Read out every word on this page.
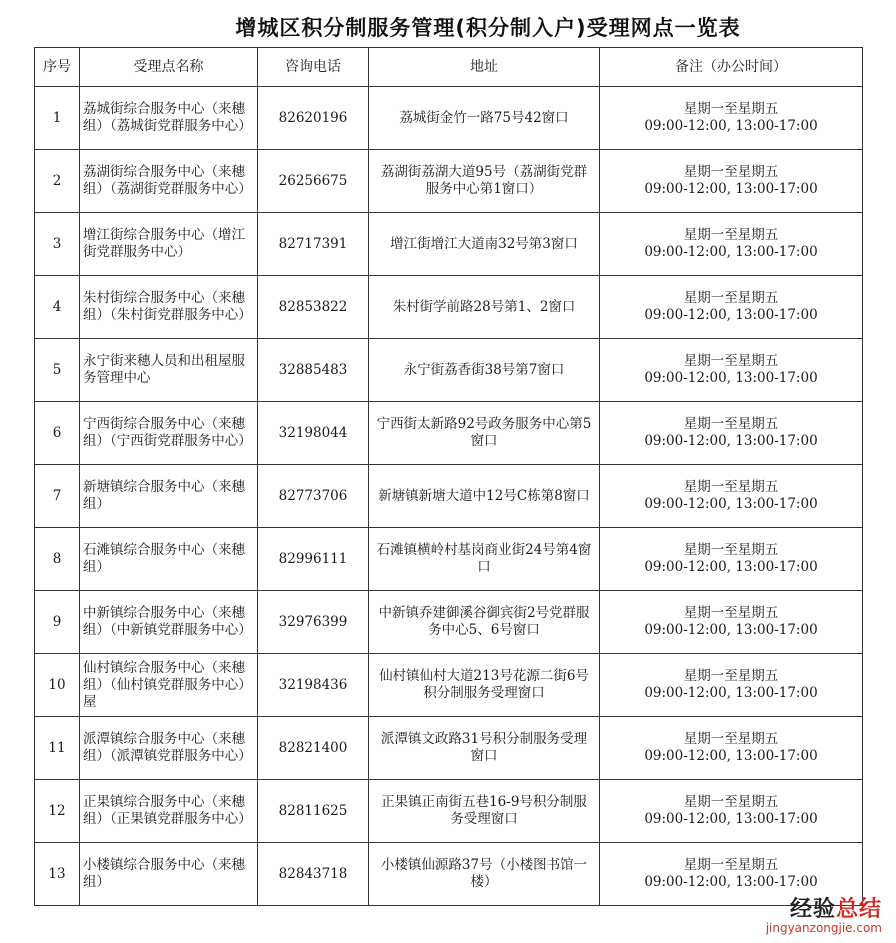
增城区积分制服务管理(积分制入户)受理网点一览表
序号	受理点名称	咨询电话	地址	备注（办公时间）
1	荔城街综合服务中心（来穗组）（荔城街党群服务中心）	82620196	荔城街金竹一路75号42窗口	星期一至星期五
09:00-12:00, 13:00-17:00

2	荔湖街综合服务中心（来穗组）（荔湖街党群服务中心）	26256675	荔湖街荔湖大道95号（荔湖街党群服务中心第1窗口）	星期一至星期五
09:00-12:00, 13:00-17:00

3	增江街综合服务中心（增江街党群服务中心）	82717391	增江街增江大道南32号第3窗口	星期一至星期五
09:00-12:00, 13:00-17:00

4	朱村街综合服务中心（来穗组）（朱村街党群服务中心）	82853822	朱村街学前路28号第1、2窗口	星期一至星期五
09:00-12:00, 13:00-17:00

5	永宁街来穗人员和出租屋服务管理中心	32885483	永宁街荔香街38号第7窗口	星期一至星期五
09:00-12:00, 13:00-17:00

6	宁西街综合服务中心（来穗组）（宁西街党群服务中心）	32198044	宁西街太新路92号政务服务中心第5窗口	星期一至星期五
09:00-12:00, 13:00-17:00

7	新塘镇综合服务中心（来穗组）	82773706	新塘镇新塘大道中12号C栋第8窗口	星期一至星期五
09:00-12:00, 13:00-17:00

8	石滩镇综合服务中心（来穗组）	82996111	石滩镇横岭村基岗商业街24号第4窗口	星期一至星期五
09:00-12:00, 13:00-17:00

9	中新镇综合服务中心（来穗组）（中新镇党群服务中心）	32976399	中新镇乔建御溪谷御宾街2号党群服务中心5、6号窗口	星期一至星期五
09:00-12:00, 13:00-17:00

10	仙村镇综合服务中心（来穗组）（仙村镇党群服务中心）屋	32198436	仙村镇仙村大道213号花源二街6号积分制服务受理窗口	星期一至星期五
09:00-12:00, 13:00-17:00

11	派潭镇综合服务中心（来穗组）（派潭镇党群服务中心）	82821400	派潭镇文政路31号积分制服务受理窗口	星期一至星期五
09:00-12:00, 13:00-17:00

12	正果镇综合服务中心（来穗组）（正果镇党群服务中心）	82811625	正果镇正南街五巷16-9号积分制服务受理窗口	星期一至星期五
09:00-12:00, 13:00-17:00

13	小楼镇综合服务中心（来穗组）	82843718	小楼镇仙源路37号（小楼图书馆一楼）	星期一至星期五
09:00-12:00, 13:00-17:00
经验总结
jingyanzongjie.com
